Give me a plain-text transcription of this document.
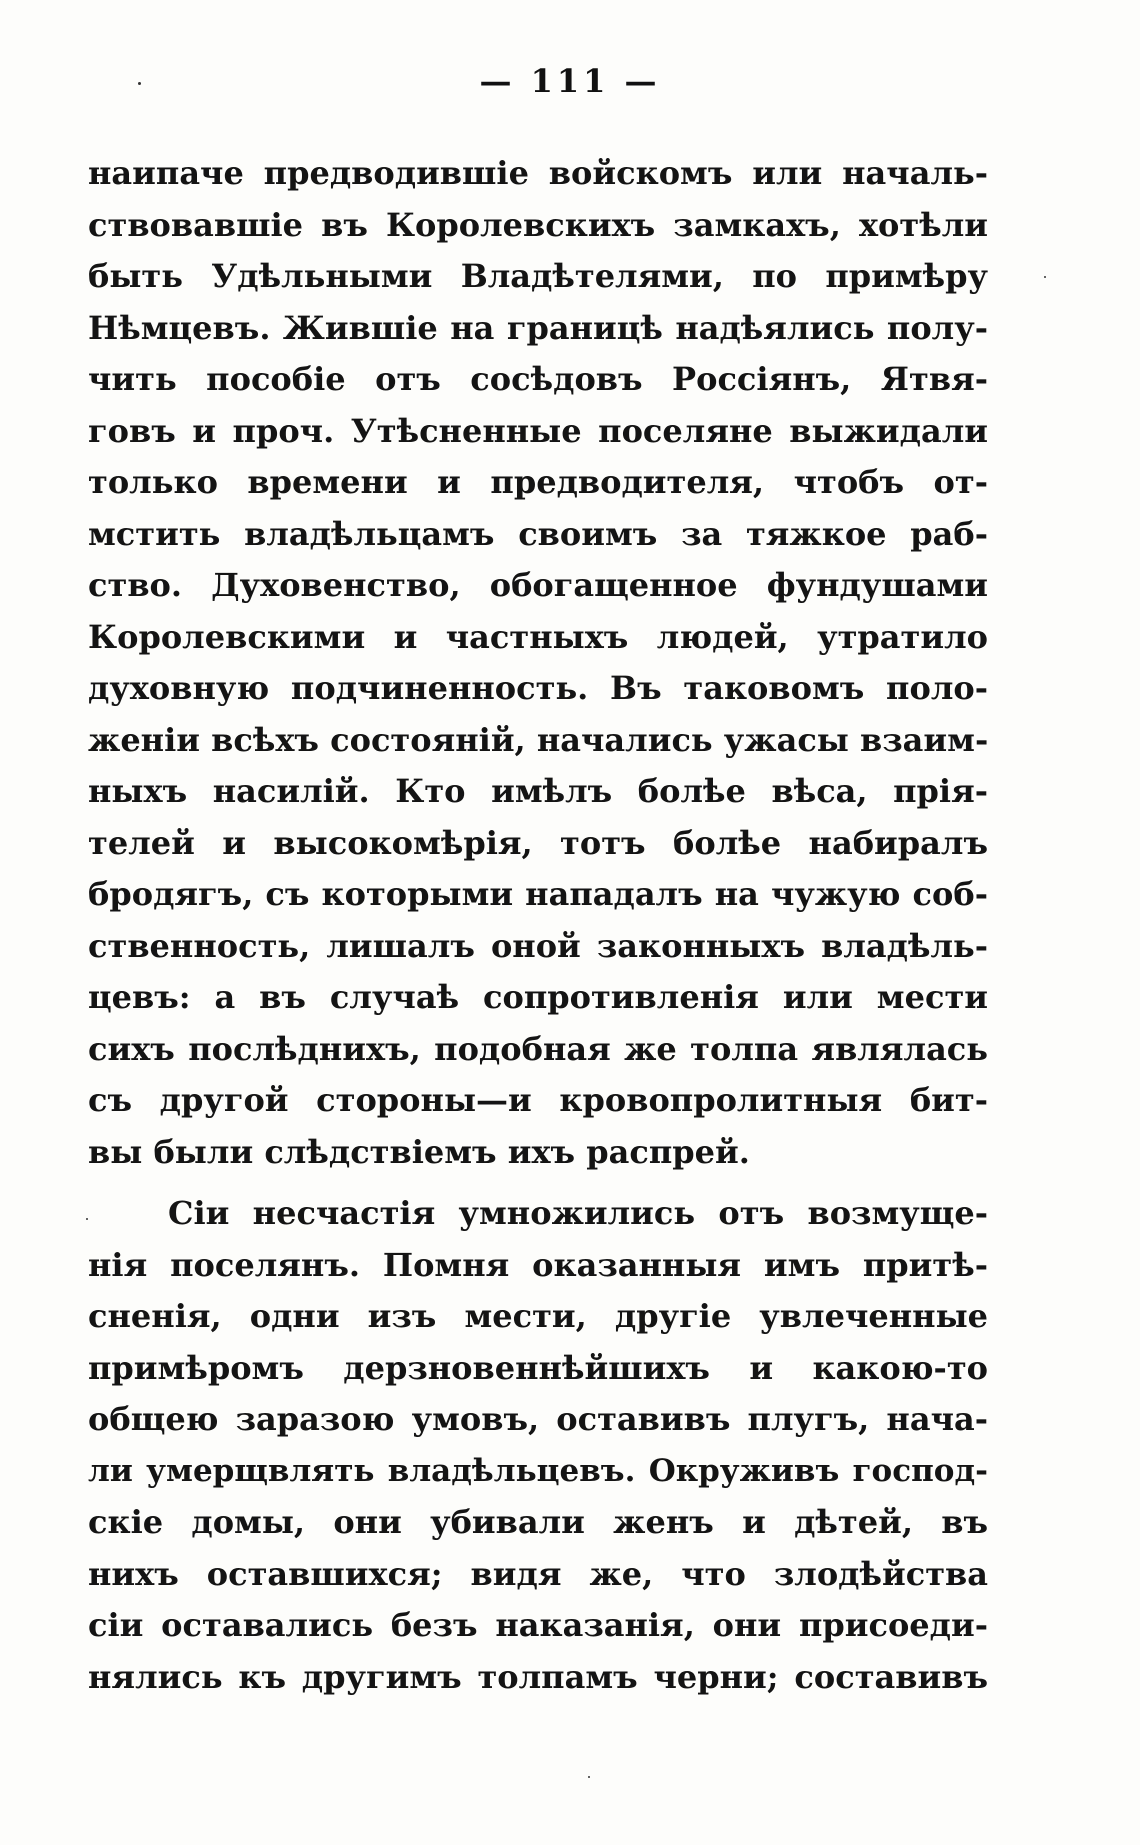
— 111 —
наипаче предводившіе войскомъ или началь-
ствовавшіе въ Королевскихъ замкахъ, хотѣли
быть Удѣльными Владѣтелями, по примѣру
Нѣмцевъ. Жившіе на границѣ надѣялись полу-
чить пособіе отъ сосѣдовъ Россіянъ, Ятвя-
говъ и проч. Утѣсненные поселяне выжидали
только времени и предводителя, чтобъ от-
мстить владѣльцамъ своимъ за тяжкое раб-
ство. Духовенство, обогащенное фундушами
Королевскими и частныхъ людей, утратило
духовную подчиненность. Въ таковомъ поло-
женіи всѣхъ состояній, начались ужасы взаим-
ныхъ насилій. Кто имѣлъ болѣе вѣса, прія-
телей и высокомѣрія, тотъ болѣе набиралъ
бродягъ, съ которыми нападалъ на чужую соб-
ственность, лишалъ оной законныхъ владѣль-
цевъ: а въ случаѣ сопротивленія или мести
сихъ послѣднихъ, подобная же толпа являлась
съ другой стороны—и кровопролитныя бит-
вы были слѣдствіемъ ихъ распрей.
Сіи несчастія умножились отъ возмуще-
нія поселянъ. Помня оказанныя имъ притѣ-
сненія, одни изъ мести, другіе увлеченные
примѣромъ дерзновеннѣйшихъ и какою-то
общею заразою умовъ, оставивъ плугъ, нача-
ли умерщвлять владѣльцевъ. Окруживъ господ-
скіе домы, они убивали женъ и дѣтей, въ
нихъ оставшихся; видя же, что злодѣйства
сіи оставались безъ наказанія, они присоеди-
нялись къ другимъ толпамъ черни; составивъ
